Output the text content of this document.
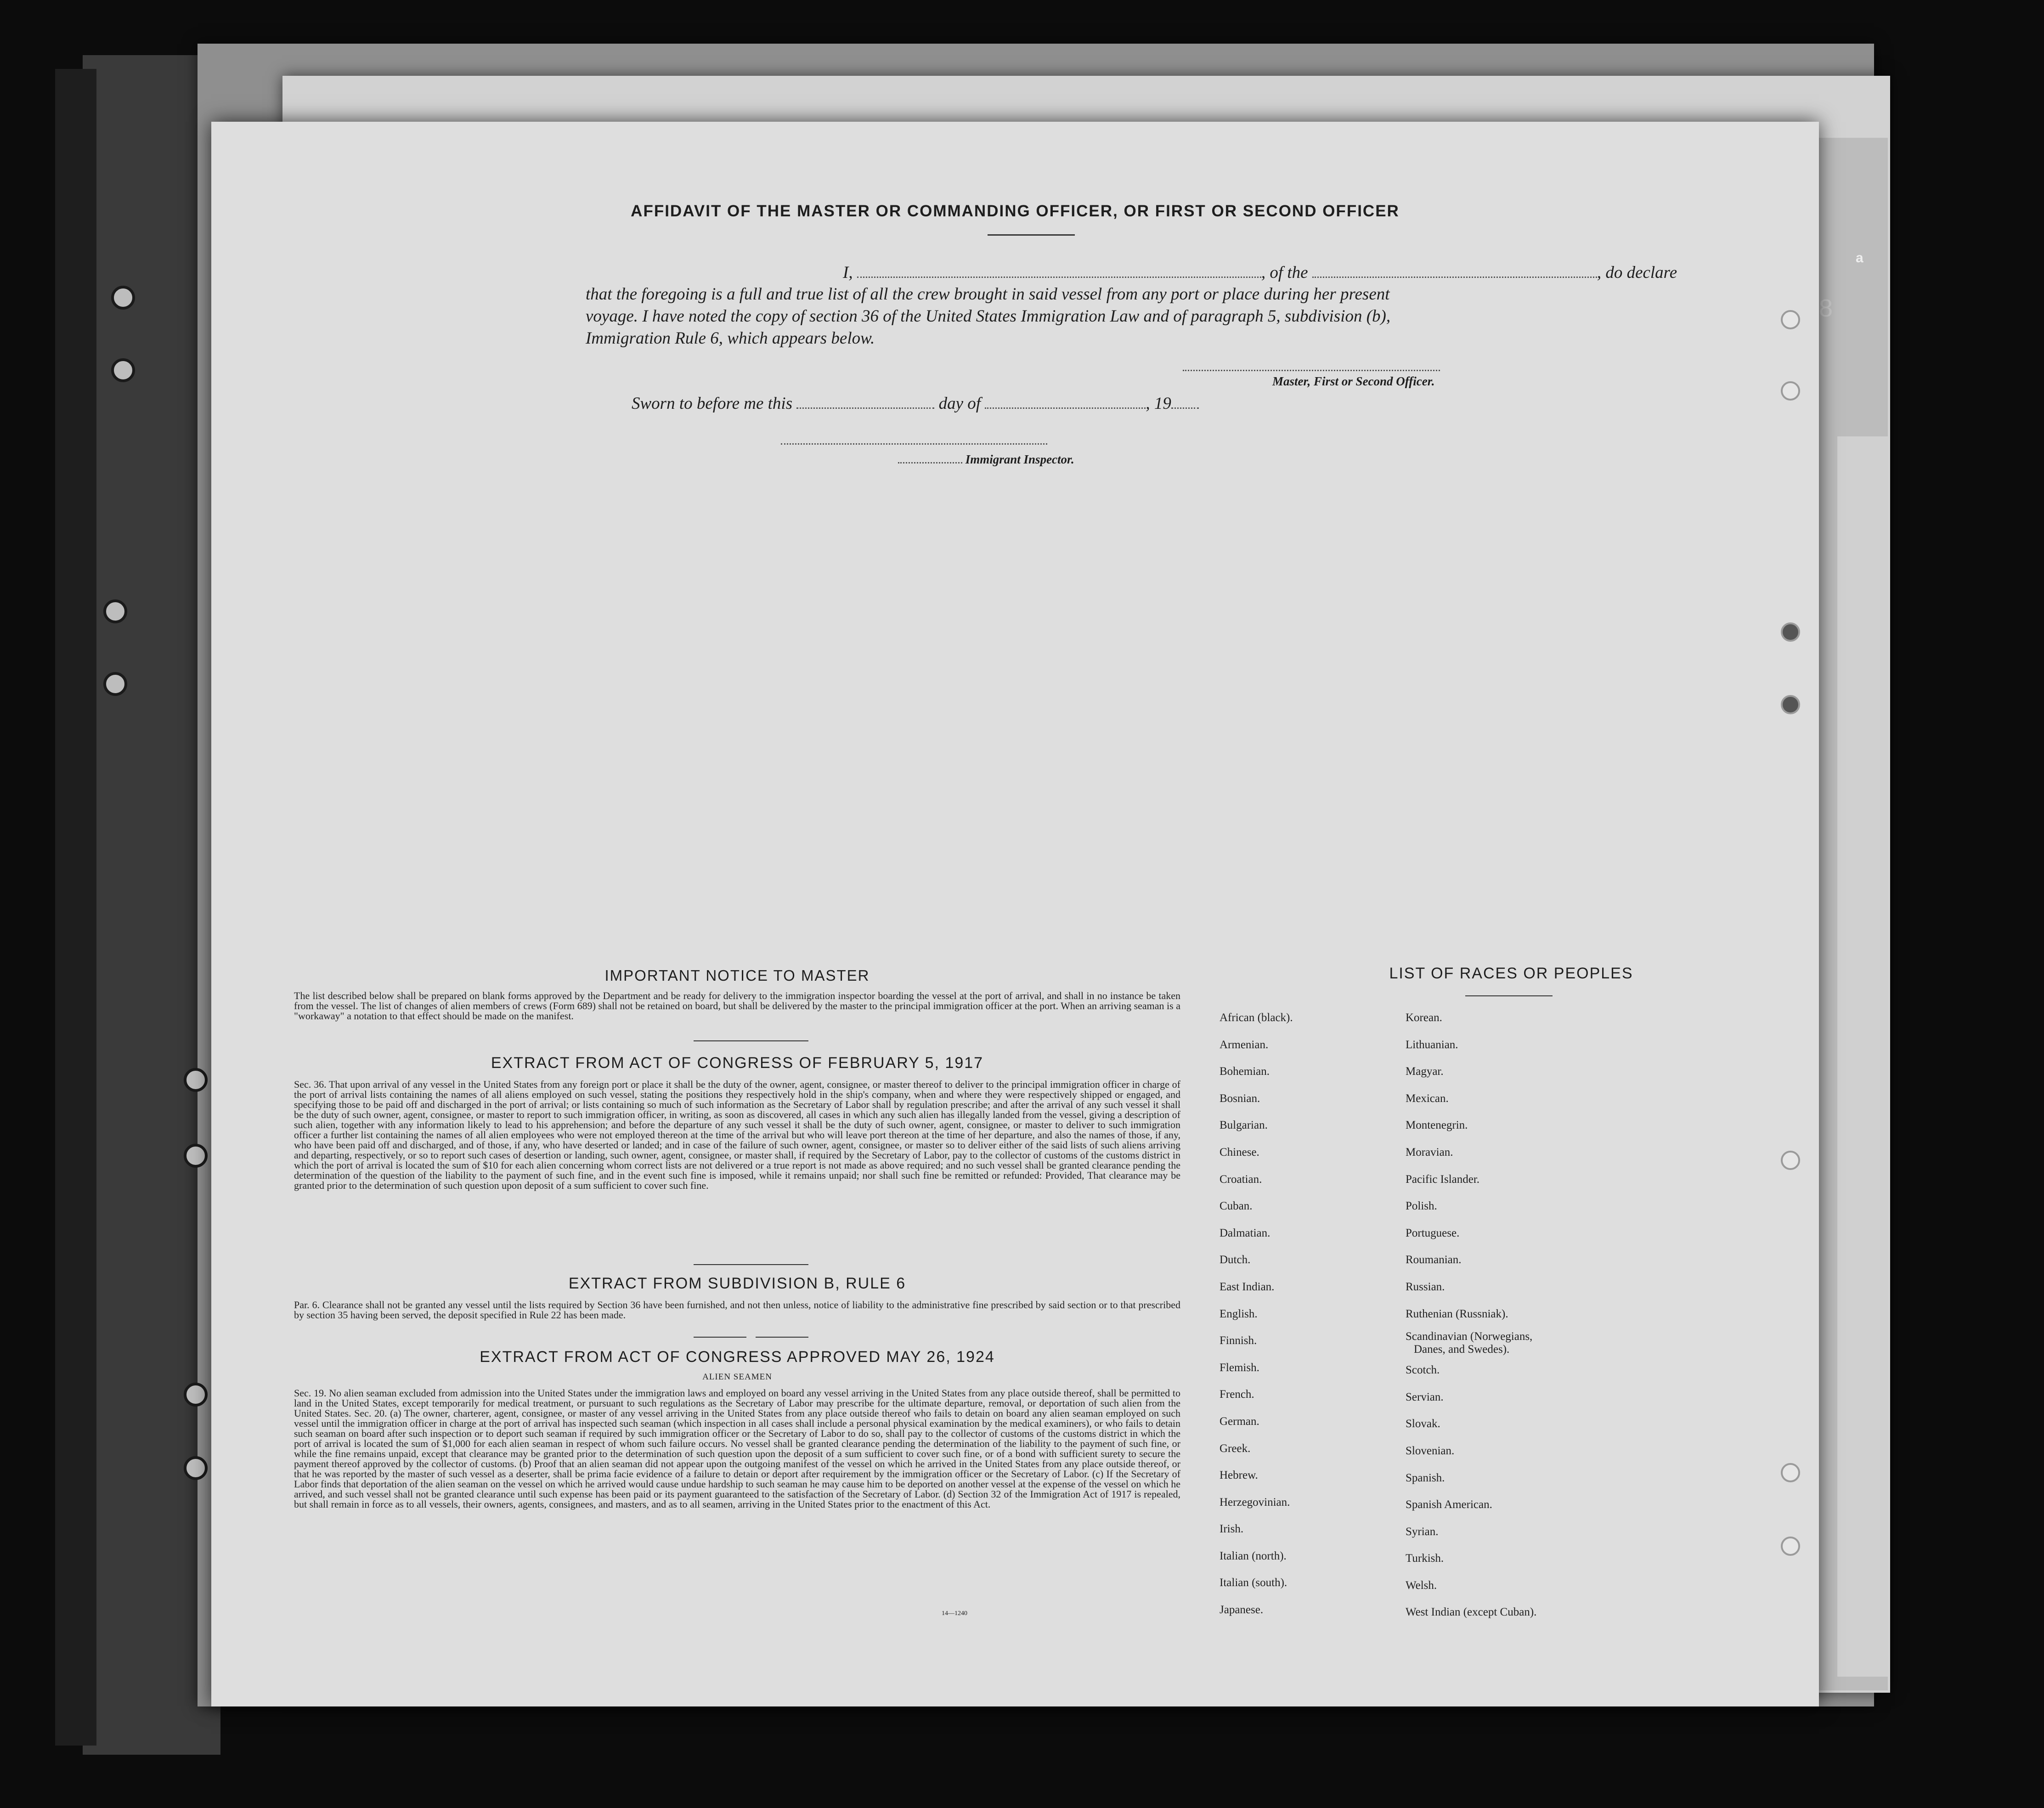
8
a
AFFIDAVIT OF THE MASTER OR COMMANDING OFFICER, OR FIRST OR SECOND OFFICER
I,	, of the	, do declare
that the foregoing is a full and true list of all the crew brought in said vessel from any port or place during her present
voyage. I have noted the copy of section 36 of the United States Immigration Law and of paragraph 5, subdivision (b),
Immigration Rule 6, which appears below.
Master, First or Second Officer.
Sworn to before me this	day of	, 19
Immigrant Inspector.
IMPORTANT NOTICE TO MASTER
The list described below shall be prepared on blank forms approved by the Department and be ready for delivery to the immigration inspector boarding the vessel at the port of arrival, and shall in no instance be taken from the vessel. The list of changes of alien members of crews (Form 689) shall not be retained on board, but shall be delivered by the master to the principal immigration officer at the port. When an arriving seaman is a "workaway" a notation to that effect should be made on the manifest.
EXTRACT FROM ACT OF CONGRESS OF FEBRUARY 5, 1917
Sec. 36. That upon arrival of any vessel in the United States from any foreign port or place it shall be the duty of the owner, agent, consignee, or master thereof to deliver to the principal immigration officer in charge of the port of arrival lists containing the names of all aliens employed on such vessel, stating the positions they respectively hold in the ship's company, when and where they were respectively shipped or engaged, and specifying those to be paid off and discharged in the port of arrival; or lists containing so much of such information as the Secretary of Labor shall by regulation prescribe; and after the arrival of any such vessel it shall be the duty of such owner, agent, consignee, or master to report to such immigration officer, in writing, as soon as discovered, all cases in which any such alien has illegally landed from the vessel, giving a description of such alien, together with any information likely to lead to his apprehension; and before the departure of any such vessel it shall be the duty of such owner, agent, consignee, or master to deliver to such immigration officer a further list containing the names of all alien employees who were not employed thereon at the time of the arrival but who will leave port thereon at the time of her departure, and also the names of those, if any, who have been paid off and discharged, and of those, if any, who have deserted or landed; and in case of the failure of such owner, agent, consignee, or master so to deliver either of the said lists of such aliens arriving and departing, respectively, or so to report such cases of desertion or landing, such owner, agent, consignee, or master shall, if required by the Secretary of Labor, pay to the collector of customs of the customs district in which the port of arrival is located the sum of $10 for each alien concerning whom correct lists are not delivered or a true report is not made as above required; and no such vessel shall be granted clearance pending the determination of the question of the liability to the payment of such fine, and in the event such fine is imposed, while it remains unpaid; nor shall such fine be remitted or refunded: Provided, That clearance may be granted prior to the determination of such question upon deposit of a sum sufficient to cover such fine.
EXTRACT FROM SUBDIVISION B, RULE 6
Par. 6. Clearance shall not be granted any vessel until the lists required by Section 36 have been furnished, and not then unless, notice of liability to the administrative fine prescribed by said section or to that prescribed by section 35 having been served, the deposit specified in Rule 22 has been made.
EXTRACT FROM ACT OF CONGRESS APPROVED MAY 26, 1924
ALIEN SEAMEN
Sec. 19. No alien seaman excluded from admission into the United States under the immigration laws and employed on board any vessel arriving in the United States from any place outside thereof, shall be permitted to land in the United States, except temporarily for medical treatment, or pursuant to such regulations as the Secretary of Labor may prescribe for the ultimate departure, removal, or deportation of such alien from the United States. Sec. 20. (a) The owner, charterer, agent, consignee, or master of any vessel arriving in the United States from any place outside thereof who fails to detain on board any alien seaman employed on such vessel until the immigration officer in charge at the port of arrival has inspected such seaman (which inspection in all cases shall include a personal physical examination by the medical examiners), or who fails to detain such seaman on board after such inspection or to deport such seaman if required by such immigration officer or the Secretary of Labor to do so, shall pay to the collector of customs of the customs district in which the port of arrival is located the sum of $1,000 for each alien seaman in respect of whom such failure occurs. No vessel shall be granted clearance pending the determination of the liability to the payment of such fine, or while the fine remains unpaid, except that clearance may be granted prior to the determination of such question upon the deposit of a sum sufficient to cover such fine, or of a bond with sufficient surety to secure the payment thereof approved by the collector of customs. (b) Proof that an alien seaman did not appear upon the outgoing manifest of the vessel on which he arrived in the United States from any place outside thereof, or that he was reported by the master of such vessel as a deserter, shall be prima facie evidence of a failure to detain or deport after requirement by the immigration officer or the Secretary of Labor. (c) If the Secretary of Labor finds that deportation of the alien seaman on the vessel on which he arrived would cause undue hardship to such seaman he may cause him to be deported on another vessel at the expense of the vessel on which he arrived, and such vessel shall not be granted clearance until such expense has been paid or its payment guaranteed to the satisfaction of the Secretary of Labor. (d) Section 32 of the Immigration Act of 1917 is repealed, but shall remain in force as to all vessels, their owners, agents, consignees, and masters, and as to all seamen, arriving in the United States prior to the enactment of this Act.
14—1240
LIST OF RACES OR PEOPLES
African (black).
Armenian.
Bohemian.
Bosnian.
Bulgarian.
Chinese.
Croatian.
Cuban.
Dalmatian.
Dutch.
East Indian.
English.
Finnish.
Flemish.
French.
German.
Greek.
Hebrew.
Herzegovinian.
Irish.
Italian (north).
Italian (south).
Japanese.
Korean.
Lithuanian.
Magyar.
Mexican.
Montenegrin.
Moravian.
Pacific Islander.
Polish.
Portuguese.
Roumanian.
Russian.
Ruthenian (Russniak).
Scandinavian (Norwegians,
Danes, and Swedes).
Scotch.
Servian.
Slovak.
Slovenian.
Spanish.
Spanish American.
Syrian.
Turkish.
Welsh.
West Indian (except Cuban).
